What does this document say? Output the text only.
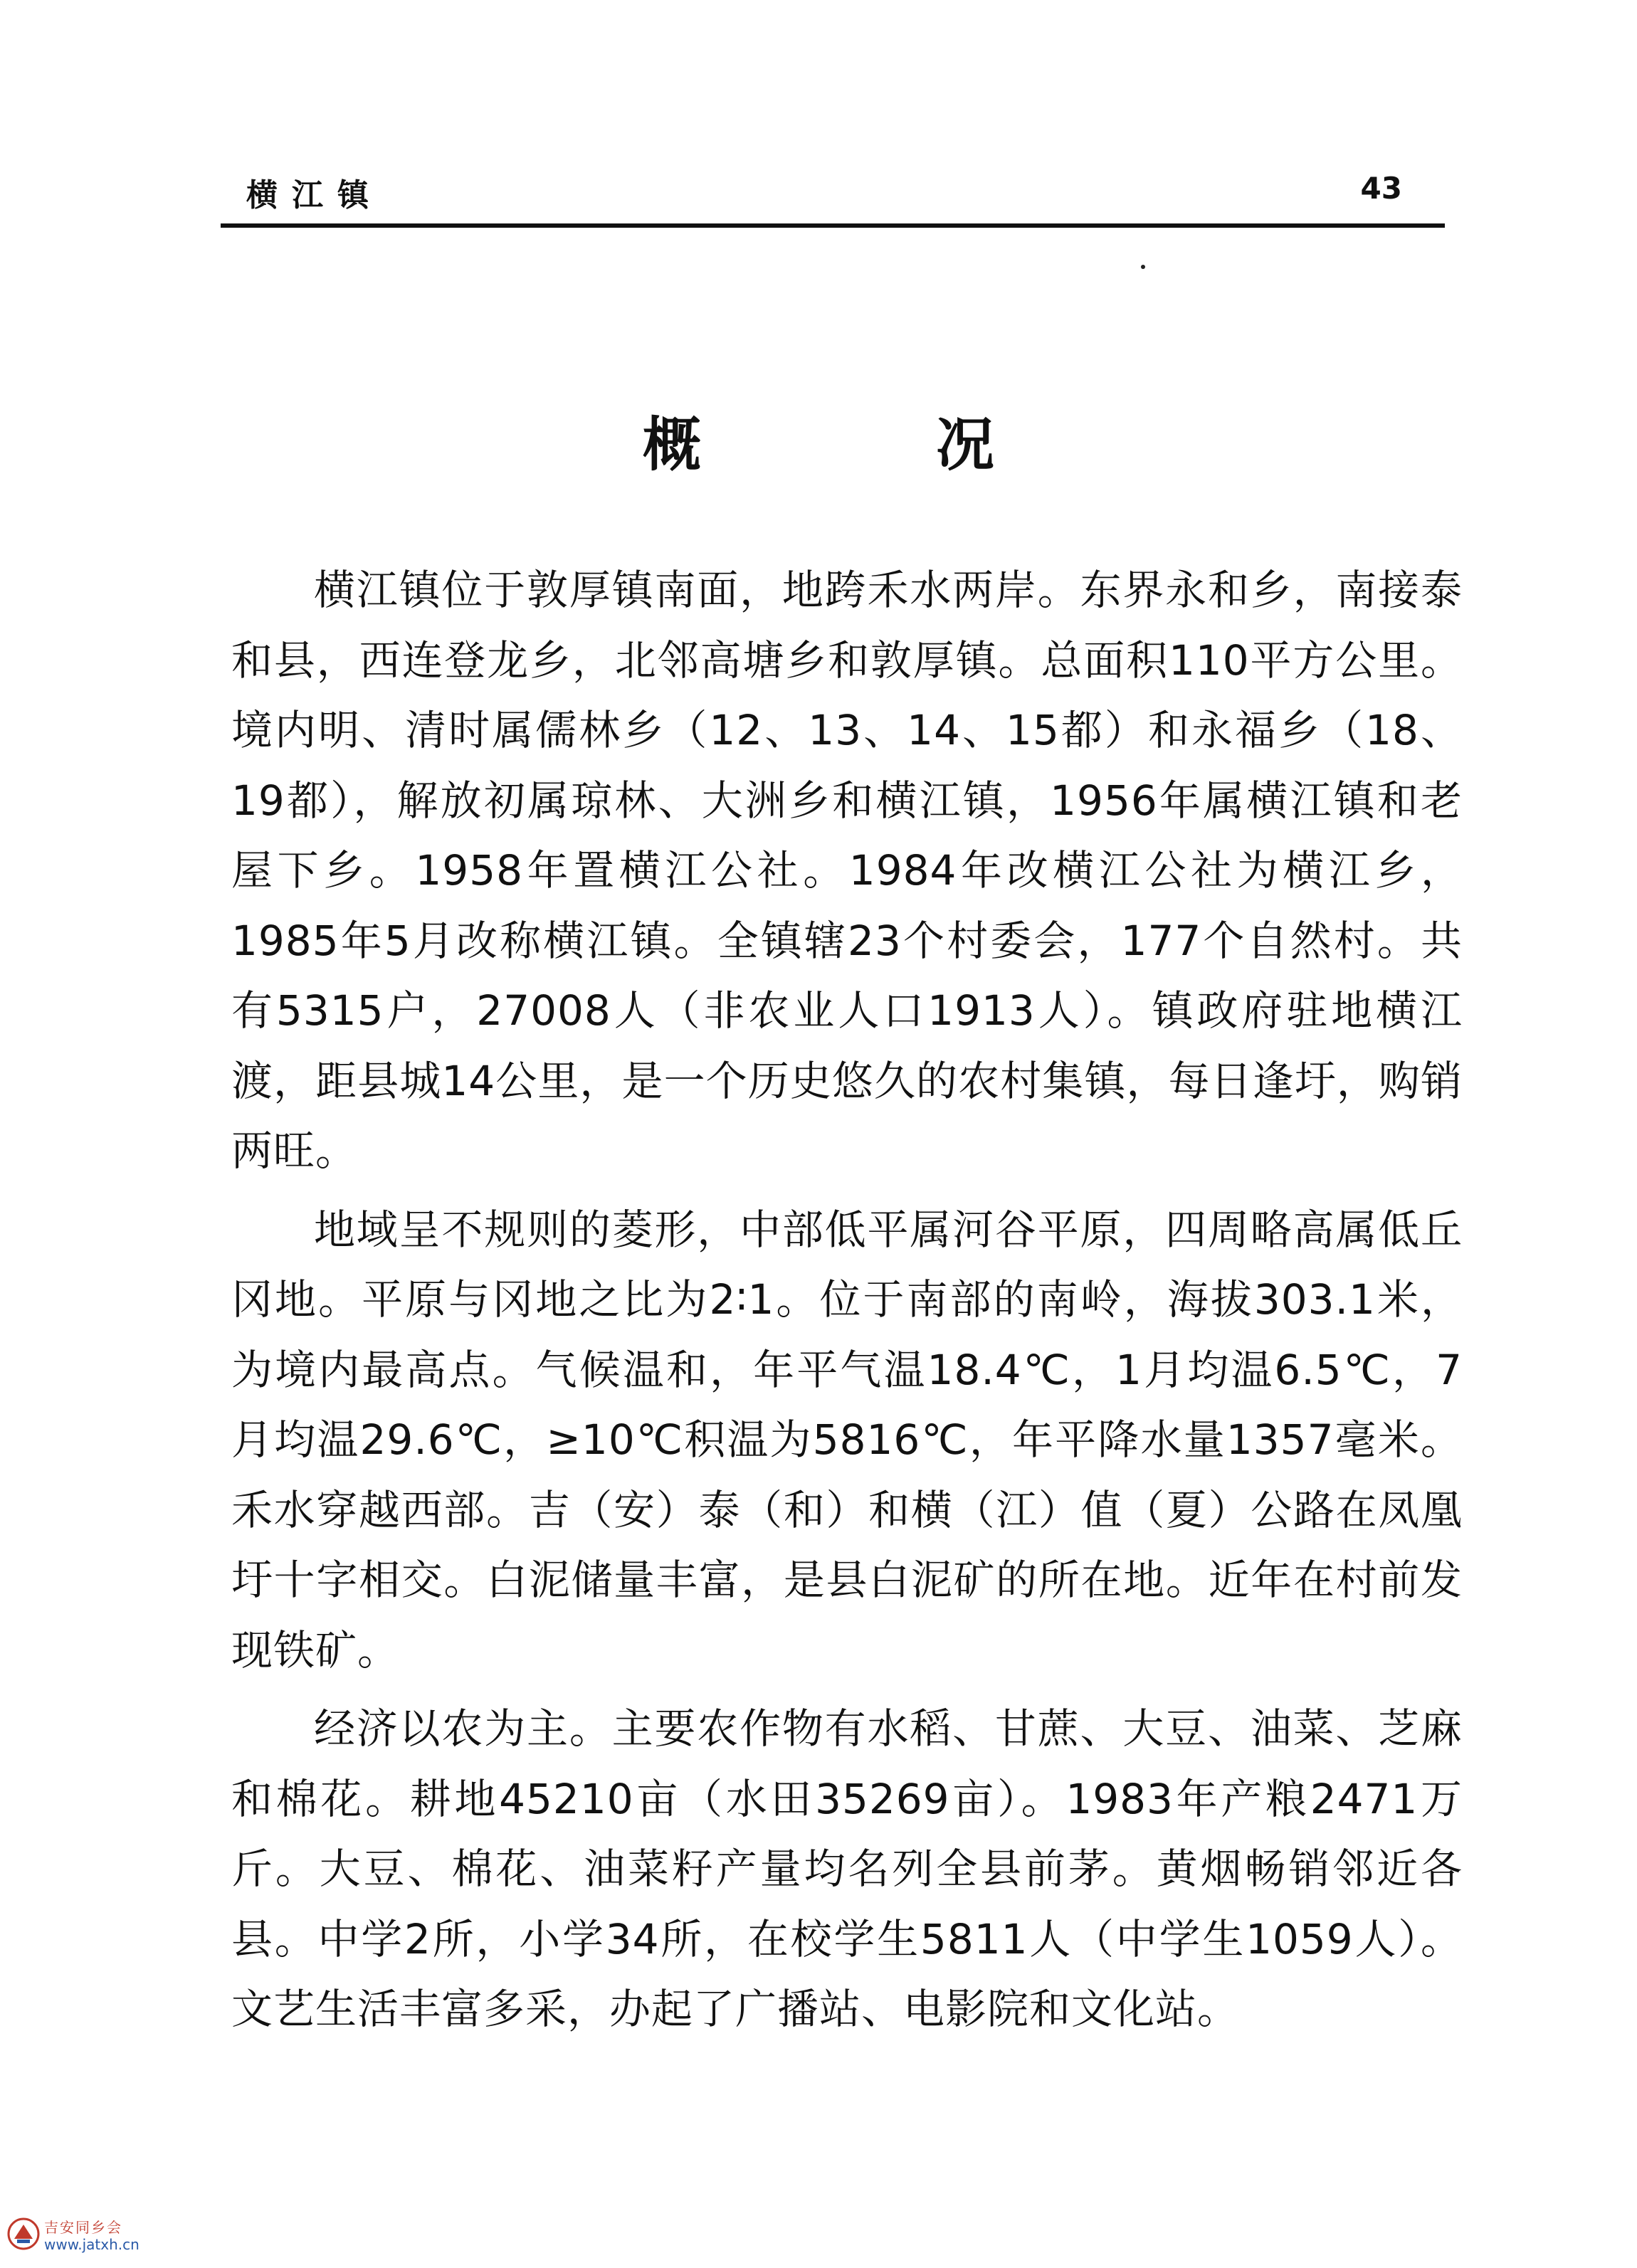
横江镇	43
概	况

横江镇位于敦厚镇南面，地跨禾水两岸。东界永和乡，南接泰和县，西连登龙乡，北邻高塘乡和敦厚镇。总面积110平方公里。境内明、清时属儒林乡（12、13、14、15都）和永福乡（18、19都），解放初属琼林、大洲乡和横江镇，1956年属横江镇和老屋下乡。1958年置横江公社。1984年改横江公社为横江乡，1985年5月改称横江镇。全镇辖23个村委会，177个自然村。共有5315户，27008人（非农业人口1913人）。镇政府驻地横江渡，距县城14公里，是一个历史悠久的农村集镇，每日逢圩，购销两旺。

地域呈不规则的菱形，中部低平属河谷平原，四周略高属低丘冈地。平原与冈地之比为2∶1。位于南部的南岭，海拔303.1米，为境内最高点。气候温和，年平气温18.4℃，1月均温6.5℃，7月均温29.6℃，≥10℃积温为5816℃，年平降水量1357毫米。禾水穿越西部。吉（安）泰（和）和横（江）值（夏）公路在凤凰圩十字相交。白泥储量丰富，是县白泥矿的所在地。近年在村前发现铁矿。

经济以农为主。主要农作物有水稻、甘蔗、大豆、油菜、芝麻和棉花。耕地45210亩（水田35269亩）。1983年产粮2471万斤。大豆、棉花、油菜籽产量均名列全县前茅。黄烟畅销邻近各县。中学2所，小学34所，在校学生5811人（中学生1059人）。文艺生活丰富多采，办起了广播站、电影院和文化站。

吉安同乡会
www.jatxh.cn
